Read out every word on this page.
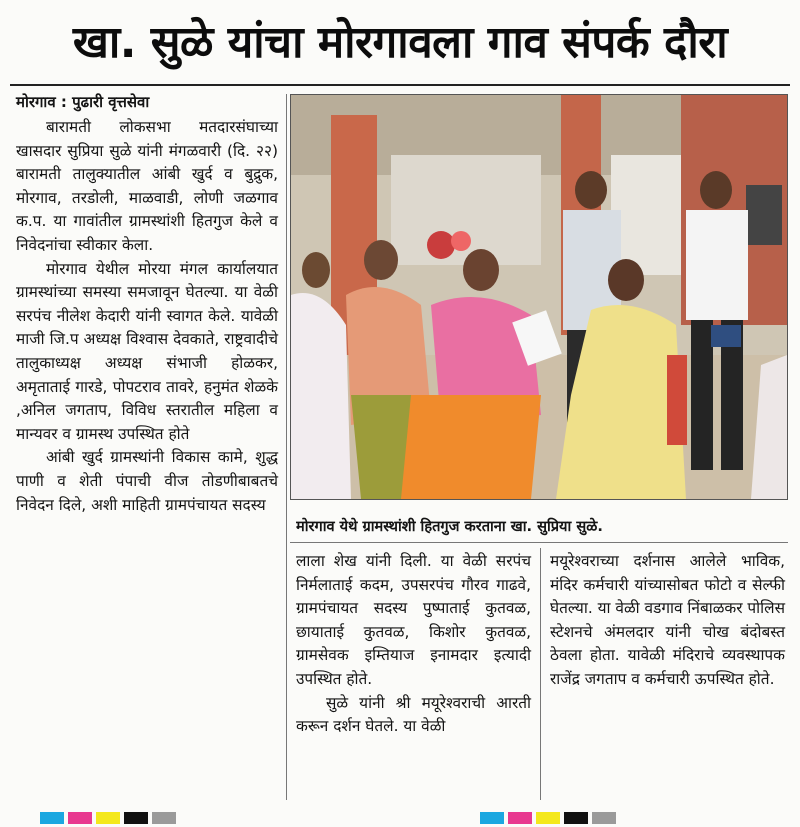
खा. सुळे यांचा मोरगावला गाव संपर्क दौरा
मोरगाव : पुढारी वृत्तसेवा

बारामती लोकसभा मतदारसंघाच्या खासदार सुप्रिया सुळे यांनी मंगळवारी (दि. २२) बारामती तालुक्यातील आंबी खुर्द व बुद्रुक, मोरगाव, तरडोली, माळवाडी, लोणी जळगाव क.प. या गावांतील ग्रामस्थांशी हितगुज केले व निवेदनांचा स्वीकार केला.

मोरगाव येथील मोरया मंगल कार्यालयात ग्रामस्थांच्या समस्या समजावून घेतल्या. या वेळी सरपंच नीलेश केदारी यांनी स्वागत केले. यावेळी माजी जि.प अध्यक्ष विश्वास देवकाते, राष्ट्रवादीचे तालुकाध्यक्ष अध्यक्ष संभाजी होळकर, अमृताताई गारडे, पोपटराव तावरे, हनुमंत शेळके ,अनिल जगताप, विविध स्तरातील महिला व मान्यवर व ग्रामस्थ उपस्थित होते

आंबी खुर्द ग्रामस्थांनी विकास कामे, शुद्ध पाणी व शेती पंपाची वीज तोडणीबाबतचे निवेदन दिले, अशी माहिती ग्रामपंचायत सदस्य

मोरगाव येथे ग्रामस्थांशी हितगुज करताना खा. सुप्रिया सुळे.

लाला शेख यांनी दिली. या वेळी सरपंच निर्मलाताई कदम, उपसरपंच गौरव गाढवे, ग्रामपंचायत सदस्य पुष्पाताई कुतवळ, छायाताई कुतवळ, किशोर कुतवळ, ग्रामसेवक इम्तियाज इनामदार इत्यादी उपस्थित होते.

सुळे यांनी श्री मयूरेश्वराची आरती करून दर्शन घेतले. या वेळी

मयूरेश्वराच्या दर्शनास आलेले भाविक, मंदिर कर्मचारी यांच्यासोबत फोटो व सेल्फी घेतल्या. या वेळी वडगाव निंबाळकर पोलिस स्टेशनचे अंमलदार यांनी चोख बंदोबस्त ठेवला होता. यावेळी मंदिराचे व्यवस्थापक राजेंद्र जगताप व कर्मचारी ऊपस्थित होते.
